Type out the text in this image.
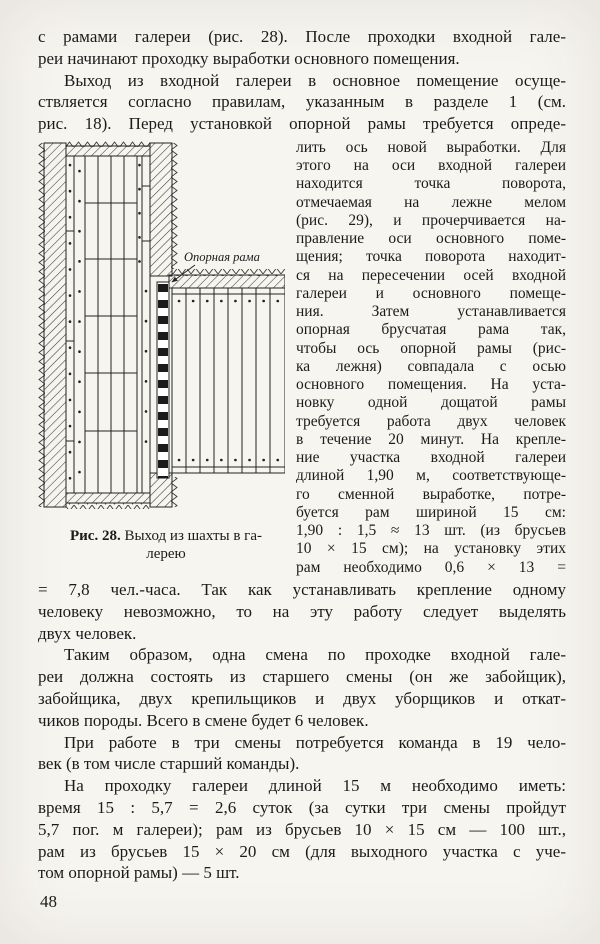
с рамами галереи (рис. 28). После проходки входной гале-
реи начинают проходку выработки основного помещения.
Выход из входной галереи в основное помещение осуще-
ствляется согласно правилам, указанным в разделе 1 (см.
рис. 18). Перед установкой опорной рамы требуется опреде-
Опорная рама
Рис. 28. Выход из шахты в га-
лерею
лить ось новой выработки. Для
этого на оси входной галереи
находится точка поворота,
отмечаемая на лежне мелом
(рис. 29), и прочерчивается на-
правление оси основного поме-
щения; точка поворота находит-
ся на пересечении осей входной
галереи и основного помеще-
ния. Затем устанавливается
опорная брусчатая рама так,
чтобы ось опорной рамы (рис-
ка лежня) совпадала с осью
основного помещения. На уста-
новку одной дощатой рамы
требуется работа двух человек
в течение 20 минут. На крепле-
ние участка входной галереи
длиной 1,90 м, соответствующе-
го сменной выработке, потре-
буется рам шириной 15 см:
1,90 : 1,5 ≈ 13 шт. (из брусьев
10 × 15 см); на установку этих
рам необходимо 0,6 × 13 =
= 7,8 чел.-часа. Так как устанавливать крепление одному
человеку невозможно, то на эту работу следует выделять
двух человек.
Таким образом, одна смена по проходке входной гале-
реи должна состоять из старшего смены (он же забойщик),
забойщика, двух крепильщиков и двух уборщиков и откат-
чиков породы. Всего в смене будет 6 человек.
При работе в три смены потребуется команда в 19 чело-
век (в том числе старший команды).
На проходку галереи длиной 15 м необходимо иметь:
время 15 : 5,7 = 2,6 суток (за сутки три смены пройдут
5,7 пог. м галереи); рам из брусьев 10 × 15 см — 100 шт.,
рам из брусьев 15 × 20 см (для выходного участка с уче-
том опорной рамы) — 5 шт.
48
